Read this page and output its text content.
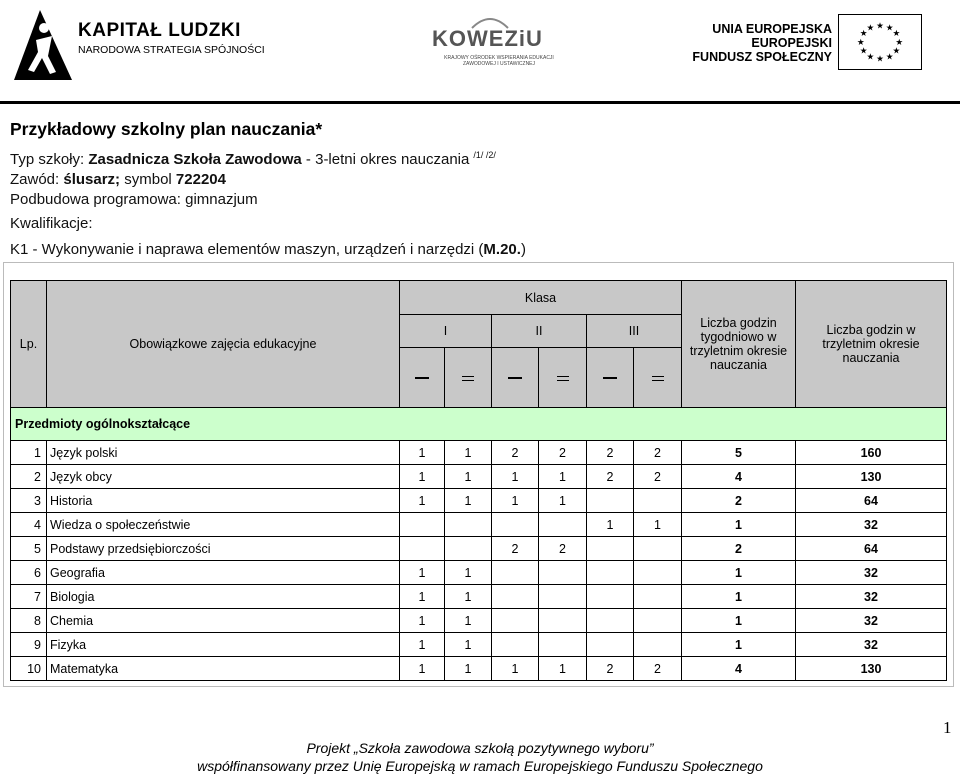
KAPITAŁ LUDZKI
NARODOWA STRATEGIA SPÓJNOŚCI	KOWEZiU
KRAJOWY OŚRODEK WSPIERANIA EDUKACJI ZAWODOWEJ I USTAWICZNEJ
UNIA EUROPEJSKA
EUROPEJSKI
FUNDUSZ SPOŁECZNY
★ ★
★
★
★
★
★
★
★
★
★
★
Przykładowy szkolny plan nauczania*
Typ szkoły: Zasadnicza Szkoła Zawodowa - 3-letni okres nauczania $^{/1/ /2/}$
Zawód: ślusarz; symbol 722204
Podbudowa programowa: gimnazjum
Kwalifikacje:
K1 - Wykonywanie i naprawa elementów maszyn, urządzeń i narzędzi (M.20.)
Lp.	Obowiązkowe zajęcia edukacyjne	Klasa						Liczba godzin tygodniowo w trzyletnim okresie nauczania	Liczba godzin w trzyletnim okresie nauczania
		I		II		III			

Przedmioty ogólnokształcące									
1	Język polski	1	1	2	2	2	2	5	160
2	Język obcy	1	1	1	1	2	2	4	130
3	Historia	1	1	1	1			2	64
4	Wiedza o społeczeństwie					1	1	1	32
5	Podstawy przedsiębiorczości			2	2			2	64
6	Geografia	1	1					1	32
7	Biologia	1	1					1	32
8	Chemia	1	1					1	32
9	Fizyka	1	1					1	32
10	Matematyka	1	1	1	1	2	2	4	130
1
Projekt „Szkoła zawodowa szkołą pozytywnego wyboru”
współfinansowany przez Unię Europejską w ramach Europejskiego Funduszu Społecznego
